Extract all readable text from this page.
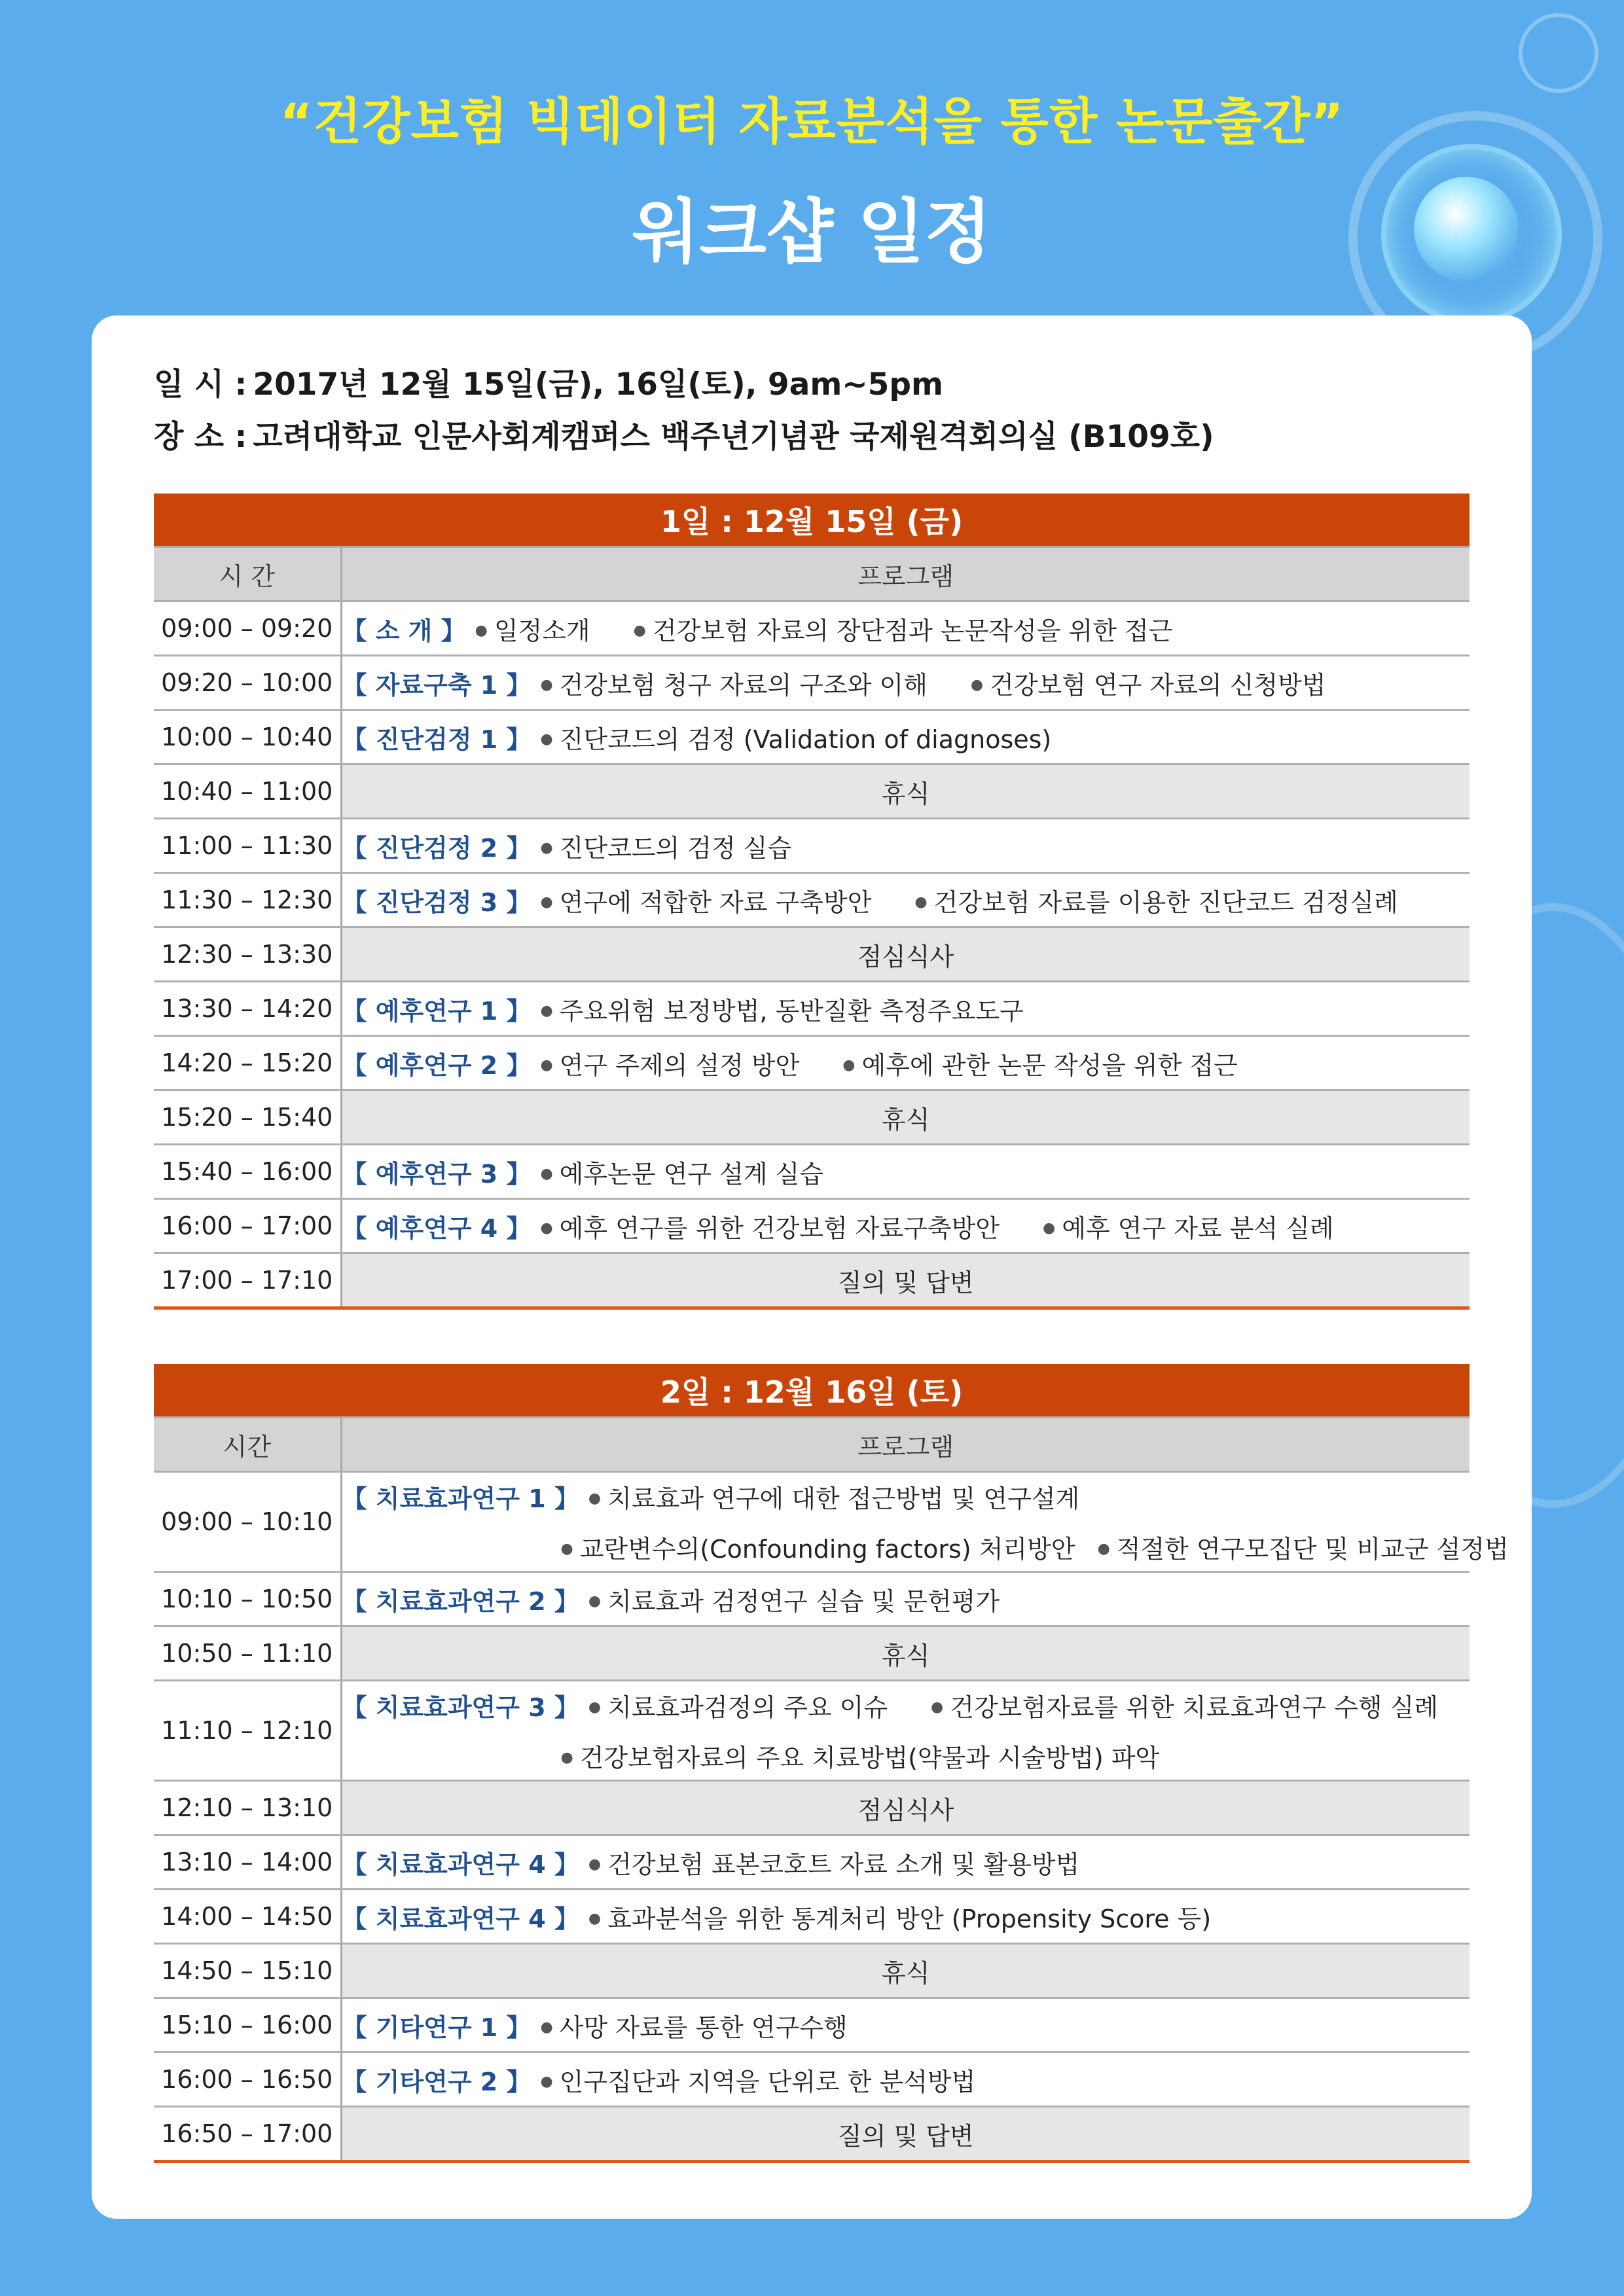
“건강보험 빅데이터 자료분석을 통한 논문출간”
워크샵 일정
일 시 : 2017년 12월 15일(금), 16일(토), 9am~5pm
장 소 : 고려대학교 인문사회계캠퍼스 백주년기념관 국제원격회의실 (B109호)
1일 : 12월 15일 (금)	
시 간	프로그램
09:00 – 09:20	【 소 개 】 ● 일정소개 ● 건강보험 자료의 장단점과 논문작성을 위한 접근
09:20 – 10:00	【 자료구축 1 】 ● 건강보험 청구 자료의 구조와 이해 ● 건강보험 연구 자료의 신청방법
10:00 – 10:40	【 진단검정 1 】 ● 진단코드의 검정 (Validation of diagnoses)
10:40 – 11:00	휴식
11:00 – 11:30	【 진단검정 2 】 ● 진단코드의 검정 실습
11:30 – 12:30	【 진단검정 3 】 ● 연구에 적합한 자료 구축방안 ● 건강보험 자료를 이용한 진단코드 검정실례
12:30 – 13:30	점심식사
13:30 – 14:20	【 예후연구 1 】 ● 주요위험 보정방법, 동반질환 측정주요도구
14:20 – 15:20	【 예후연구 2 】 ● 연구 주제의 설정 방안 ● 예후에 관한 논문 작성을 위한 접근
15:20 – 15:40	휴식
15:40 – 16:00	【 예후연구 3 】 ● 예후논문 연구 설계 실습
16:00 – 17:00	【 예후연구 4 】 ● 예후 연구를 위한 건강보험 자료구축방안 ● 예후 연구 자료 분석 실례
17:00 – 17:10	질의 및 답변
2일 : 12월 16일 (토)	
시간	프로그램
09:00 – 10:10	【 치료효과연구 1 】 ● 치료효과 연구에 대한 접근방법 및 연구설계
● 교란변수의(Confounding factors) 처리방안 ● 적절한 연구모집단 및 비교군 설정법

10:10 – 10:50	【 치료효과연구 2 】 ● 치료효과 검정연구 실습 및 문헌평가
10:50 – 11:10	휴식
11:10 – 12:10	【 치료효과연구 3 】 ● 치료효과검정의 주요 이슈 ● 건강보험자료를 위한 치료효과연구 수행 실례
● 건강보험자료의 주요 치료방법(약물과 시술방법) 파악

12:10 – 13:10	점심식사
13:10 – 14:00	【 치료효과연구 4 】 ● 건강보험 표본코호트 자료 소개 및 활용방법
14:00 – 14:50	【 치료효과연구 4 】 ● 효과분석을 위한 통계처리 방안 (Propensity Score 등)
14:50 – 15:10	휴식
15:10 – 16:00	【 기타연구 1 】 ● 사망 자료를 통한 연구수행
16:00 – 16:50	【 기타연구 2 】 ● 인구집단과 지역을 단위로 한 분석방법
16:50 – 17:00	질의 및 답변
